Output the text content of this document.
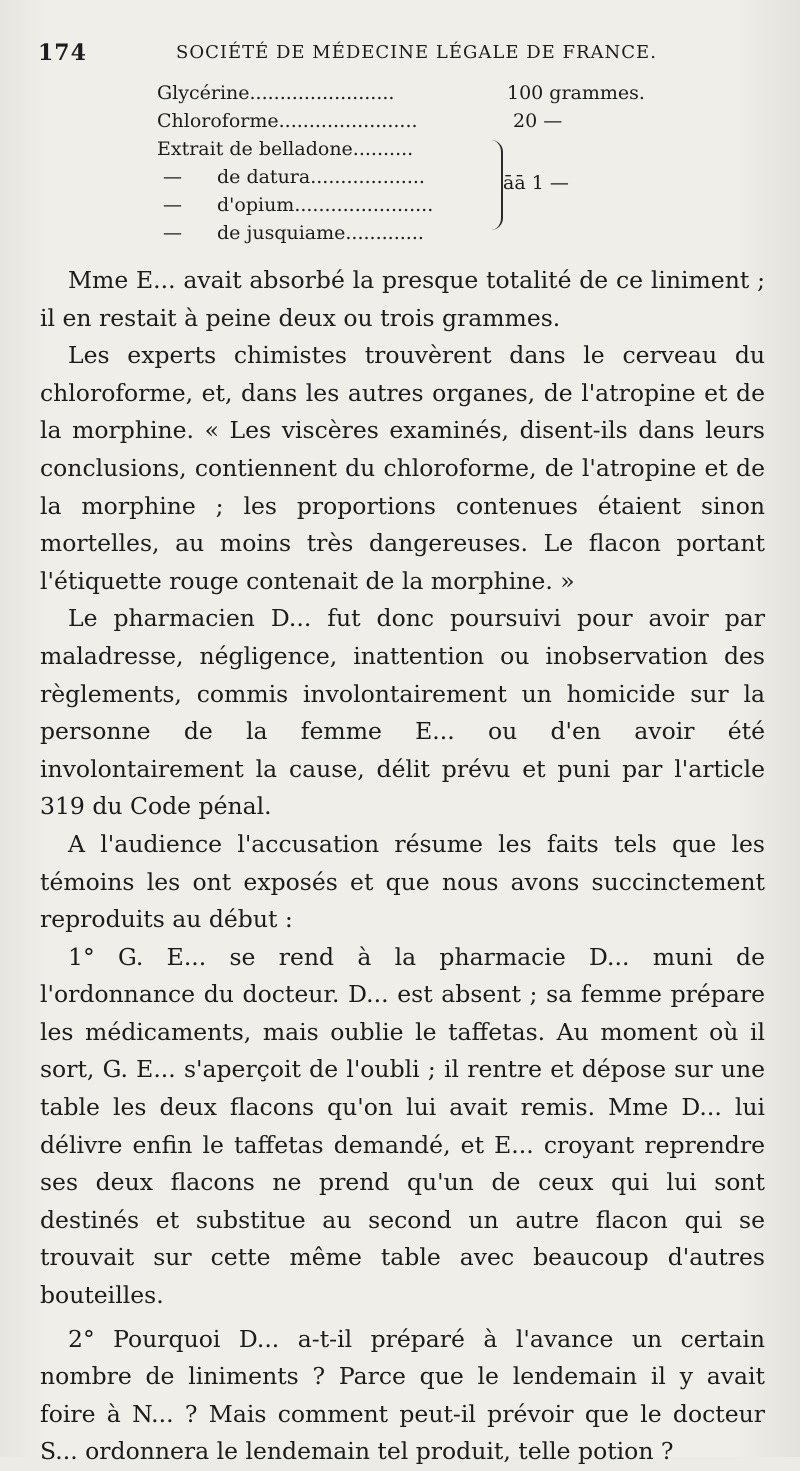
174	SOCIÉTÉ DE MÉDECINE LÉGALE DE FRANCE.
Glycérine........................	100 grammes.
Chloroforme.......................	20 —
Extrait de belladone..........
— de datura...................
— d'opium.......................
— de jusquiame.............
āā 1 —

Mme E... avait absorbé la presque totalité de ce liniment ; il en restait à peine deux ou trois grammes.

Les experts chimistes trouvèrent dans le cerveau du chloroforme, et, dans les autres organes, de l'atropine et de la morphine. « Les viscères examinés, disent-ils dans leurs conclusions, contiennent du chloroforme, de l'atropine et de la morphine ; les proportions contenues étaient sinon mortelles, au moins très dangereuses. Le flacon portant l'étiquette rouge contenait de la morphine. »

Le pharmacien D... fut donc poursuivi pour avoir par maladresse, négligence, inattention ou inobservation des règlements, commis involontairement un homicide sur la personne de la femme E... ou d'en avoir été involontairement la cause, délit prévu et puni par l'article 319 du Code pénal.

A l'audience l'accusation résume les faits tels que les témoins les ont exposés et que nous avons succinctement reproduits au début :

1° G. E... se rend à la pharmacie D... muni de l'ordonnance du docteur. D... est absent ; sa femme prépare les médicaments, mais oublie le taffetas. Au moment où il sort, G. E... s'aperçoit de l'oubli ; il rentre et dépose sur une table les deux flacons qu'on lui avait remis. Mme D... lui délivre enfin le taffetas demandé, et E... croyant reprendre ses deux flacons ne prend qu'un de ceux qui lui sont destinés et substitue au second un autre flacon qui se trouvait sur cette même table avec beaucoup d'autres bouteilles.

2° Pourquoi D... a-t-il préparé à l'avance un certain nombre de liniments ? Parce que le lendemain il y avait foire à N... ? Mais comment peut-il prévoir que le docteur S... ordonnera le lendemain tel produit, telle potion ?
